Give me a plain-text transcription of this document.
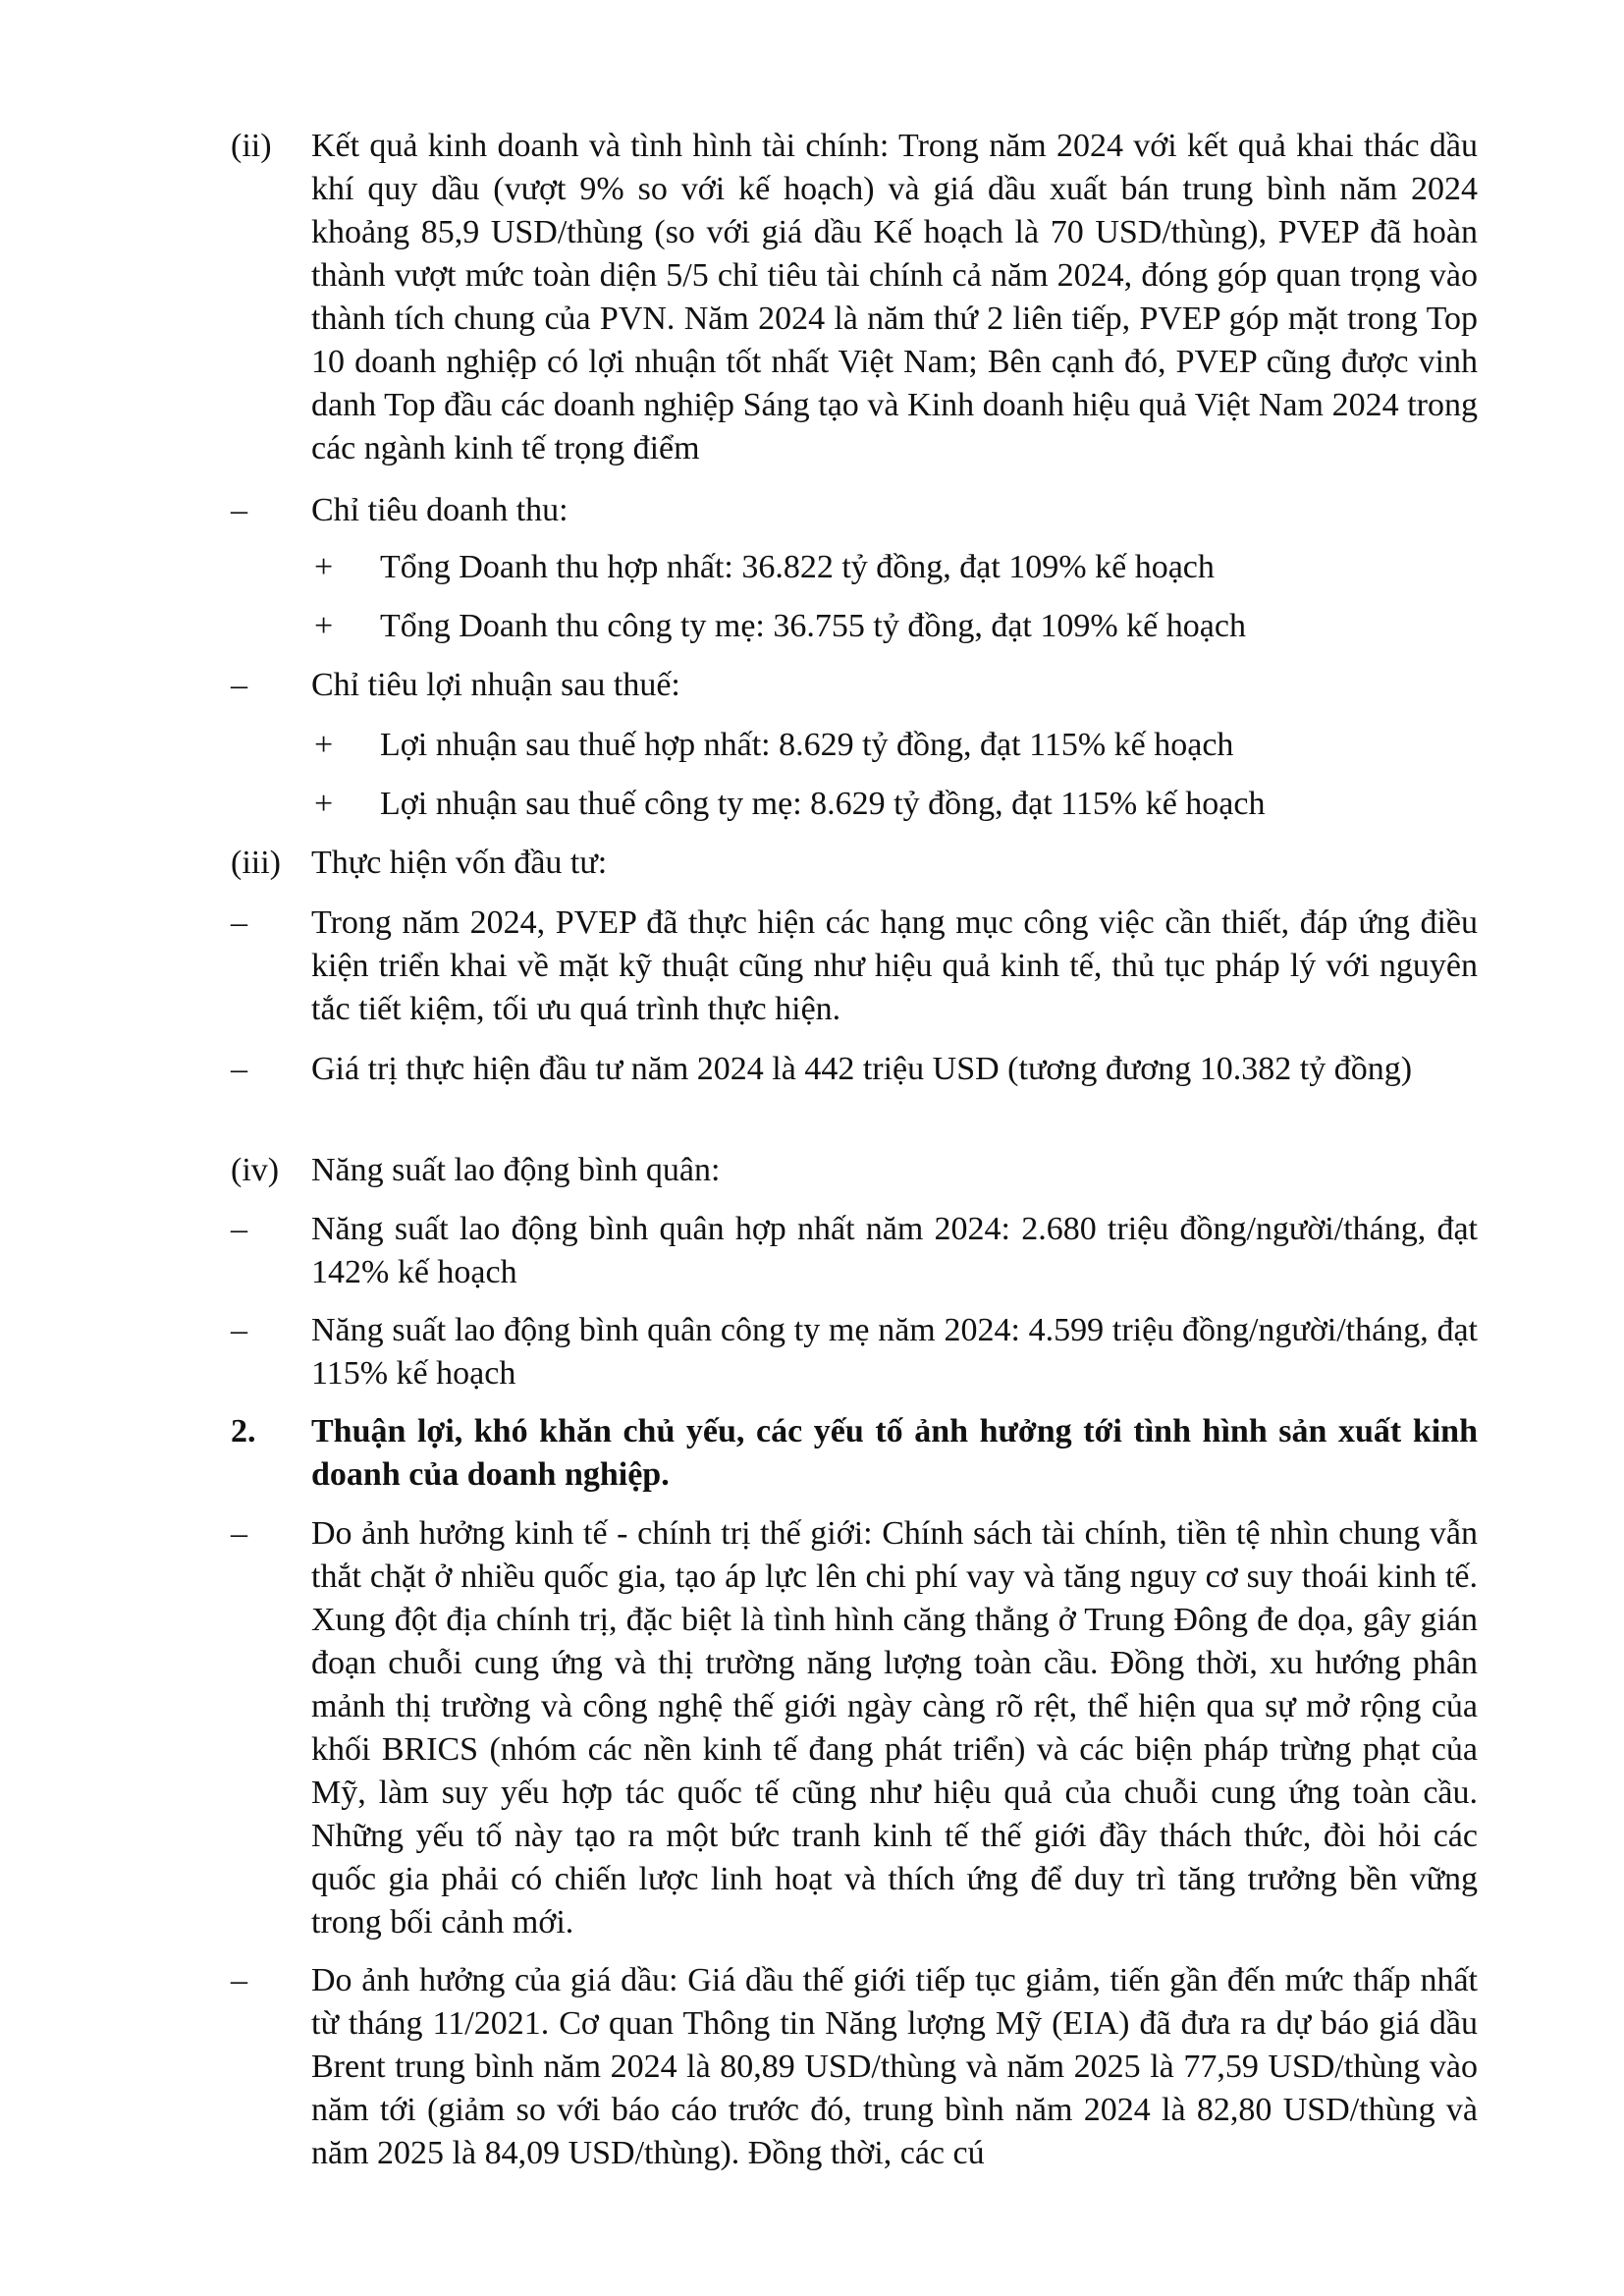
(ii) Kết quả kinh doanh và tình hình tài chính: Trong năm 2024 với kết quả khai thác dầu khí quy dầu (vượt 9% so với kế hoạch) và giá dầu xuất bán trung bình năm 2024 khoảng 85,9 USD/thùng (so với giá dầu Kế hoạch là 70 USD/thùng), PVEP đã hoàn thành vượt mức toàn diện 5/5 chỉ tiêu tài chính cả năm 2024, đóng góp quan trọng vào thành tích chung của PVN. Năm 2024 là năm thứ 2 liên tiếp, PVEP góp mặt trong Top 10 doanh nghiệp có lợi nhuận tốt nhất Việt Nam; Bên cạnh đó, PVEP cũng được vinh danh Top đầu các doanh nghiệp Sáng tạo và Kinh doanh hiệu quả Việt Nam 2024 trong các ngành kinh tế trọng điểm
– Chỉ tiêu doanh thu:
+ Tổng Doanh thu hợp nhất: 36.822 tỷ đồng, đạt 109% kế hoạch
+ Tổng Doanh thu công ty mẹ: 36.755 tỷ đồng, đạt 109% kế hoạch
– Chỉ tiêu lợi nhuận sau thuế:
+ Lợi nhuận sau thuế hợp nhất: 8.629 tỷ đồng, đạt 115% kế hoạch
+ Lợi nhuận sau thuế công ty mẹ: 8.629 tỷ đồng, đạt 115% kế hoạch
(iii) Thực hiện vốn đầu tư:
– Trong năm 2024, PVEP đã thực hiện các hạng mục công việc cần thiết, đáp ứng điều kiện triển khai về mặt kỹ thuật cũng như hiệu quả kinh tế, thủ tục pháp lý với nguyên tắc tiết kiệm, tối ưu quá trình thực hiện.
– Giá trị thực hiện đầu tư năm 2024 là 442 triệu USD (tương đương 10.382 tỷ đồng)
(iv) Năng suất lao động bình quân:
– Năng suất lao động bình quân hợp nhất năm 2024: 2.680 triệu đồng/người/tháng, đạt 142% kế hoạch
– Năng suất lao động bình quân công ty mẹ năm 2024: 4.599 triệu đồng/người/tháng, đạt 115% kế hoạch
2. Thuận lợi, khó khăn chủ yếu, các yếu tố ảnh hưởng tới tình hình sản xuất kinh doanh của doanh nghiệp.
– Do ảnh hưởng kinh tế - chính trị thế giới: Chính sách tài chính, tiền tệ nhìn chung vẫn thắt chặt ở nhiều quốc gia, tạo áp lực lên chi phí vay và tăng nguy cơ suy thoái kinh tế. Xung đột địa chính trị, đặc biệt là tình hình căng thẳng ở Trung Đông đe dọa, gây gián đoạn chuỗi cung ứng và thị trường năng lượng toàn cầu. Đồng thời, xu hướng phân mảnh thị trường và công nghệ thế giới ngày càng rõ rệt, thể hiện qua sự mở rộng của khối BRICS (nhóm các nền kinh tế đang phát triển) và các biện pháp trừng phạt của Mỹ, làm suy yếu hợp tác quốc tế cũng như hiệu quả của chuỗi cung ứng toàn cầu. Những yếu tố này tạo ra một bức tranh kinh tế thế giới đầy thách thức, đòi hỏi các quốc gia phải có chiến lược linh hoạt và thích ứng để duy trì tăng trưởng bền vững trong bối cảnh mới.
– Do ảnh hưởng của giá dầu: Giá dầu thế giới tiếp tục giảm, tiến gần đến mức thấp nhất từ tháng 11/2021. Cơ quan Thông tin Năng lượng Mỹ (EIA) đã đưa ra dự báo giá dầu Brent trung bình năm 2024 là 80,89 USD/thùng và năm 2025 là 77,59 USD/thùng vào năm tới (giảm so với báo cáo trước đó, trung bình năm 2024 là 82,80 USD/thùng và năm 2025 là 84,09 USD/thùng). Đồng thời, các cú
